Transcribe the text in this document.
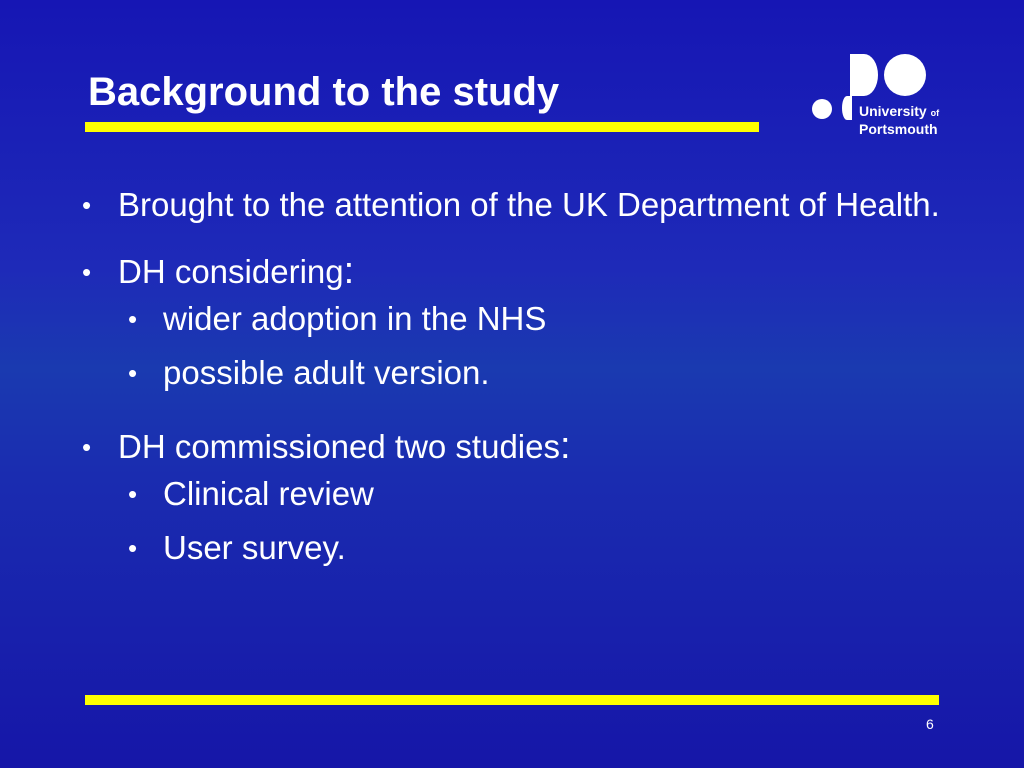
Background to the study	University of
Portsmouth

• Brought to the attention of the UK Department of Health.

• DH considering:

• wider adoption in the NHS

• possible adult version.

• DH commissioned two studies:

• Clinical review

• User survey.

6
